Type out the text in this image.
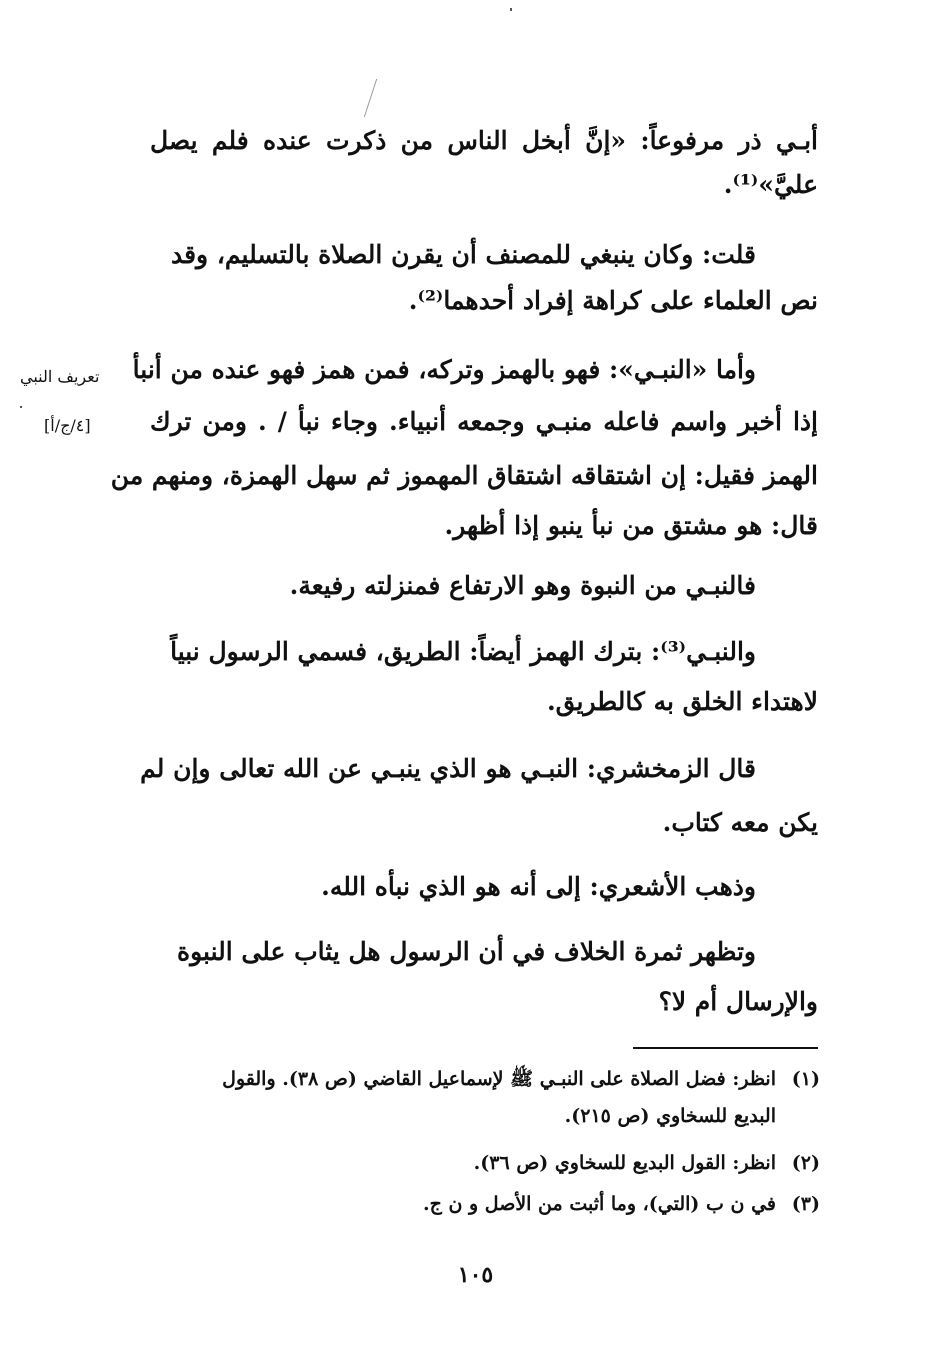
أبـي ذر مرفوعاً: «إنَّ أبخل الناس من ذكرت عنده فلم يصل
عليَّ»⁽¹⁾.
قلت: وكان ينبغي للمصنف أن يقرن الصلاة بالتسليم، وقد
نص العلماء على كراهة إفراد أحدهما⁽²⁾.
وأما «النبـي»: فهو بالهمز وتركه، فمن همز فهو عنده من أنبأ
إذا أخبر واسم فاعله منبـي وجمعه أنبياء. وجاء نبأ / . ومن ترك
الهمز فقيل: إن اشتقاقه اشتقاق المهموز ثم سهل الهمزة، ومنهم من
قال: هو مشتق من نبأ ينبو إذا أظهر.
تعريف النبي
[٤/ج/أ]
فالنبـي من النبوة وهو الارتفاع فمنزلته رفيعة.
والنبـي⁽³⁾: بترك الهمز أيضاً: الطريق، فسمي الرسول نبياً
لاهتداء الخلق به كالطريق.
قال الزمخشري: النبـي هو الذي ينبـي عن الله تعالى وإن لم
يكن معه كتاب.
وذهب الأشعري: إلى أنه هو الذي نبأه الله.
وتظهر ثمرة الخلاف في أن الرسول هل يثاب على النبوة
والإرسال أم لا؟
(١)انظر: فضل الصلاة على النبـي ﷺ لإسماعيل القاضي (ص ٣٨). والقول
البديع للسخاوي (ص ٢١٥).
(٢)انظر: القول البديع للسخاوي (ص ٣٦).
(٣)في ن ب (التي)، وما أثبت من الأصل و ن ج.
١٠٥
